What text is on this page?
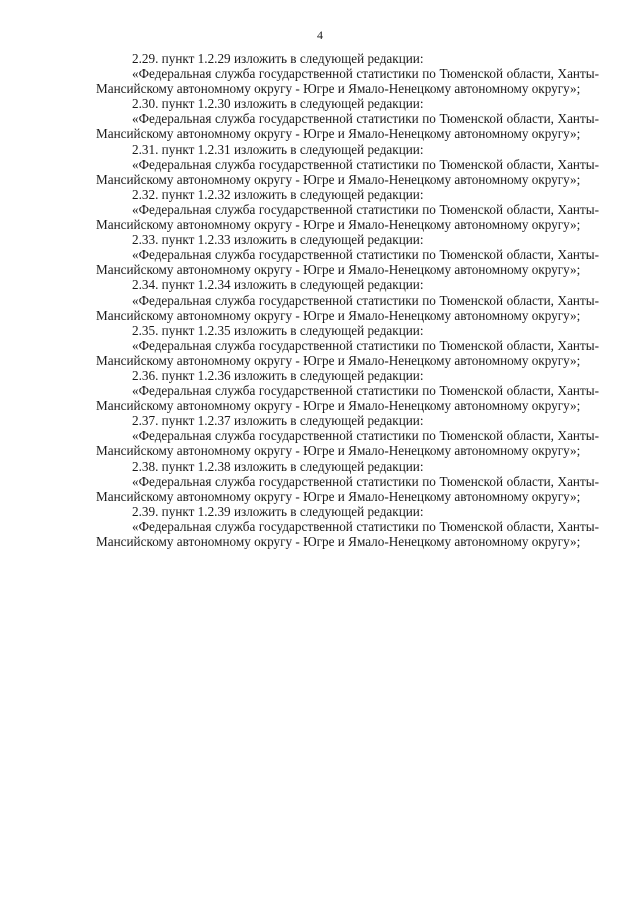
4
2.29. пункт 1.2.29 изложить в следующей редакции:
«Федеральная служба государственной статистики по Тюменской области, Ханты-Мансийскому автономному округу - Югре и Ямало-Ненецкому автономному округу»;
2.30. пункт 1.2.30 изложить в следующей редакции:
«Федеральная служба государственной статистики по Тюменской области, Ханты-Мансийскому автономному округу - Югре и Ямало-Ненецкому автономному округу»;
2.31. пункт 1.2.31 изложить в следующей редакции:
«Федеральная служба государственной статистики по Тюменской области, Ханты-Мансийскому автономному округу - Югре и Ямало-Ненецкому автономному округу»;
2.32. пункт 1.2.32 изложить в следующей редакции:
«Федеральная служба государственной статистики по Тюменской области, Ханты-Мансийскому автономному округу - Югре и Ямало-Ненецкому автономному округу»;
2.33. пункт 1.2.33 изложить в следующей редакции:
«Федеральная служба государственной статистики по Тюменской области, Ханты-Мансийскому автономному округу - Югре и Ямало-Ненецкому автономному округу»;
2.34. пункт 1.2.34 изложить в следующей редакции:
«Федеральная служба государственной статистики по Тюменской области, Ханты-Мансийскому автономному округу - Югре и Ямало-Ненецкому автономному округу»;
2.35. пункт 1.2.35 изложить в следующей редакции:
«Федеральная служба государственной статистики по Тюменской области, Ханты-Мансийскому автономному округу - Югре и Ямало-Ненецкому автономному округу»;
2.36. пункт 1.2.36 изложить в следующей редакции:
«Федеральная служба государственной статистики по Тюменской области, Ханты-Мансийскому автономному округу - Югре и Ямало-Ненецкому автономному округу»;
2.37. пункт 1.2.37 изложить в следующей редакции:
«Федеральная служба государственной статистики по Тюменской области, Ханты-Мансийскому автономному округу - Югре и Ямало-Ненецкому автономному округу»;
2.38. пункт 1.2.38 изложить в следующей редакции:
«Федеральная служба государственной статистики по Тюменской области, Ханты-Мансийскому автономному округу - Югре и Ямало-Ненецкому автономному округу»;
2.39. пункт 1.2.39 изложить в следующей редакции:
«Федеральная служба государственной статистики по Тюменской области, Ханты-Мансийскому автономному округу - Югре и Ямало-Ненецкому автономному округу»;
